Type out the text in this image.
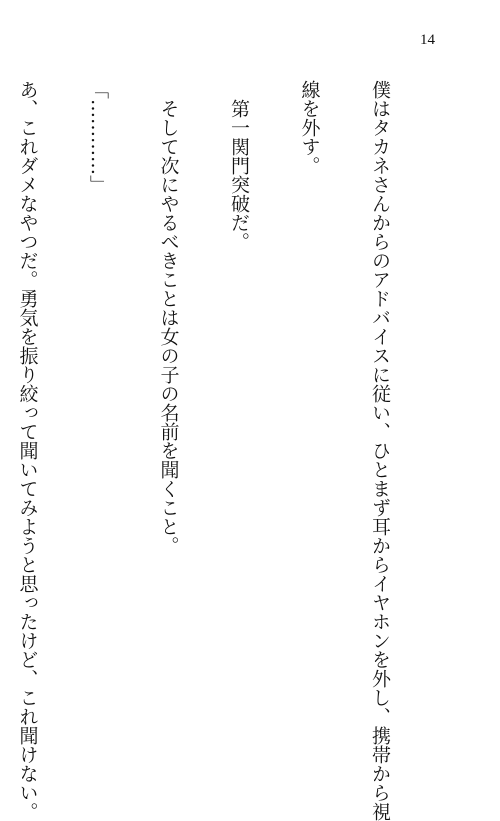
14

僕はタカネさんからのアドバイスに従い、ひとまず耳からイヤホンを外し、携帯から視

線を外す。

第一関門突破だ。

そして次にやるべきことは女の子の名前を聞くこと。

「…………」

あ、これダメなやつだ。勇気を振り絞って聞いてみようと思ったけど、これ聞けない。
